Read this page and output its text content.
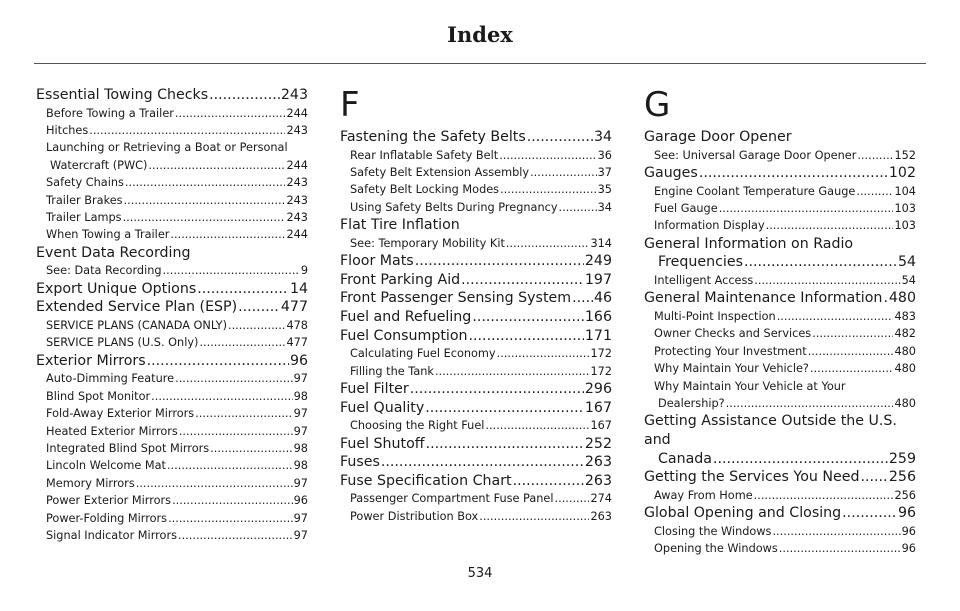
Index
Essential Towing Checks .....	243
Before Towing a Trailer .....	244
Hitches .....	243
Launching or Retrieving a Boat or Personal
Watercraft (PWC) .....	244
Safety Chains .....	243
Trailer Brakes .....	243
Trailer Lamps .....	243
When Towing a Trailer .....	244
Event Data Recording
See: Data Recording .....	9
Export Unique Options .....	14
Extended Service Plan (ESP) .....	477
SERVICE PLANS (CANADA ONLY) .....	478
SERVICE PLANS (U.S. Only) .....	477
Exterior Mirrors .....	96
Auto-Dimming Feature .....	97
Blind Spot Monitor .....	98
Fold-Away Exterior Mirrors .....	97
Heated Exterior Mirrors .....	97
Integrated Blind Spot Mirrors .....	98
Lincoln Welcome Mat .....	98
Memory Mirrors .....	97
Power Exterior Mirrors .....	96
Power-Folding Mirrors .....	97
Signal Indicator Mirrors .....	97
F
Fastening the Safety Belts .....	34
Rear Inflatable Safety Belt .....	36
Safety Belt Extension Assembly .....	37
Safety Belt Locking Modes .....	35
Using Safety Belts During Pregnancy .....	34
Flat Tire Inflation
See: Temporary Mobility Kit .....	314
Floor Mats .....	249
Front Parking Aid .....	197
Front Passenger Sensing System ..... 46
Fuel and Refueling .....	166
Fuel Consumption .....	171
Calculating Fuel Economy .....	172
Filling the Tank .....	172
Fuel Filter .....	296
Fuel Quality .....	167
Choosing the Right Fuel .....	167
Fuel Shutoff .....	252
Fuses .....	263
Fuse Specification Chart .....	263
Passenger Compartment Fuse Panel .....	274
Power Distribution Box .....	263
G
Garage Door Opener
See: Universal Garage Door Opener .....	152
Gauges .....	102
Engine Coolant Temperature Gauge .....	104
Fuel Gauge .....	103
Information Display .....	103
General Information on Radio
Frequencies .....	54
Intelligent Access .....	54
General Maintenance Information ..... 480
Multi-Point Inspection .....	483
Owner Checks and Services .....	482
Protecting Your Investment .....	480
Why Maintain Your Vehicle? .....	480
Why Maintain Your Vehicle at Your
Dealership? .....	480
Getting Assistance Outside the U.S. and
Canada .....	259
Getting the Services You Need ..... 256
Away From Home .....	256
Global Opening and Closing .....	96
Closing the Windows .....	96
Opening the Windows .....	96
534
